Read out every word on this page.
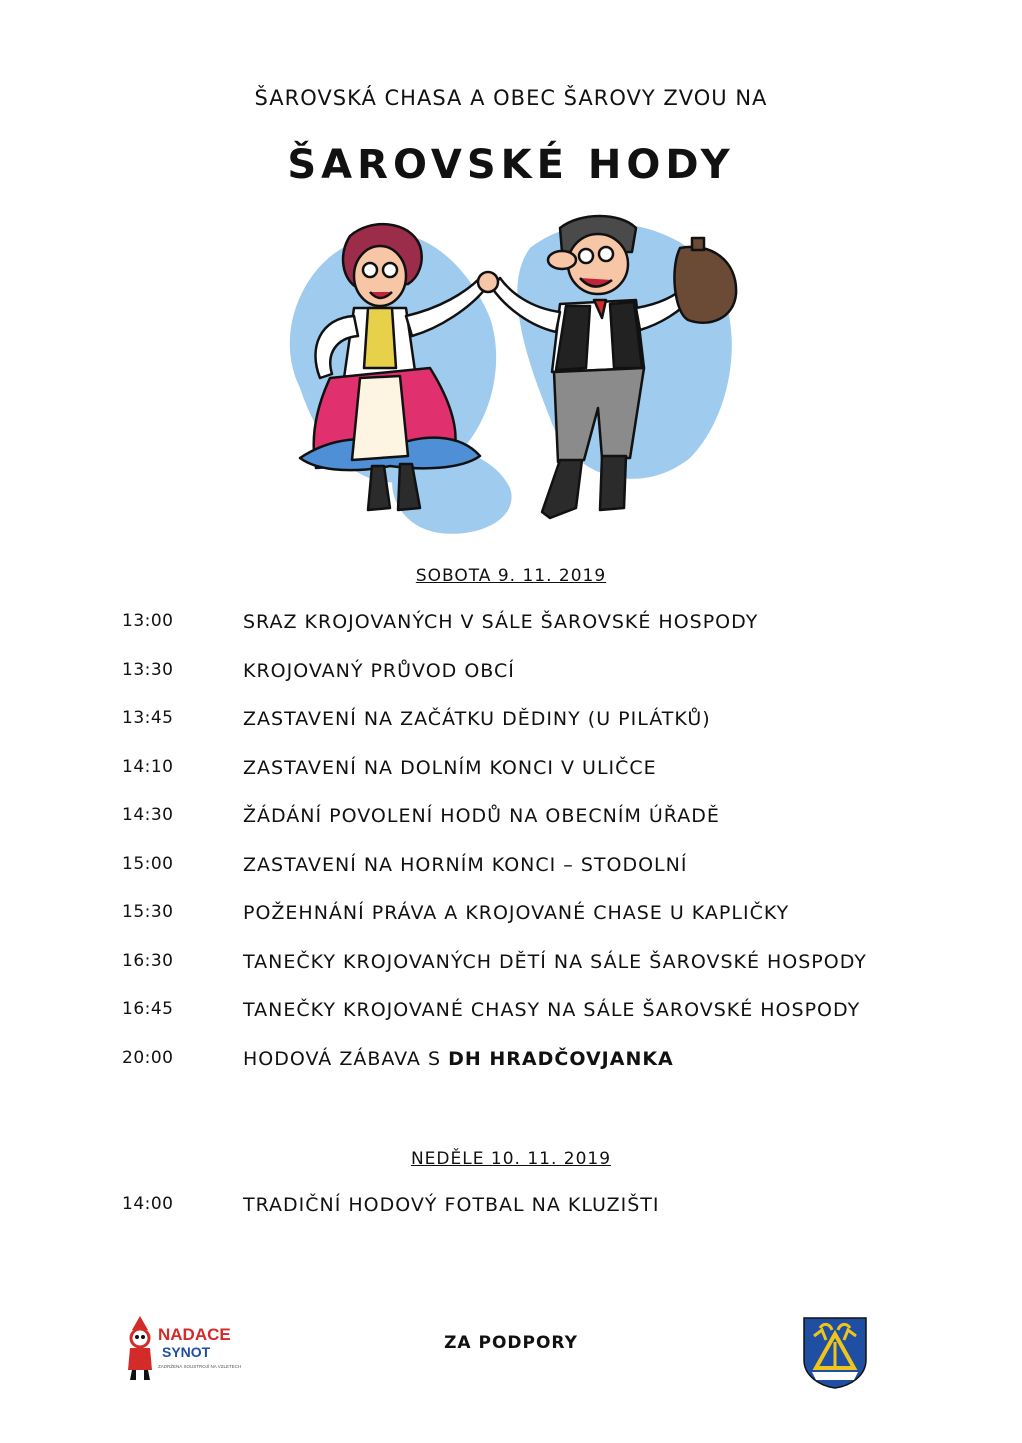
ŠAROVSKÁ CHASA A OBEC ŠAROVY ZVOU NA
ŠAROVSKÉ HODY
SOBOTA 9. 11. 2019
13:00	SRAZ KROJOVANÝCH V SÁLE ŠAROVSKÉ HOSPODY
13:30	KROJOVANÝ PRŮVOD OBCÍ
13:45	ZASTAVENÍ NA ZAČÁTKU DĚDINY (U PILÁTKŮ)
14:10	ZASTAVENÍ NA DOLNÍM KONCI V ULIČCE
14:30	ŽÁDÁNÍ POVOLENÍ HODŮ NA OBECNÍM ÚŘADĚ
15:00	ZASTAVENÍ NA HORNÍM KONCI – STODOLNÍ
15:30	POŽEHNÁNÍ PRÁVA A KROJOVANÉ CHASE U KAPLIČKY
16:30	TANEČKY KROJOVANÝCH DĚTÍ NA SÁLE ŠAROVSKÉ HOSPODY
16:45	TANEČKY KROJOVANÉ CHASY NA SÁLE ŠAROVSKÉ HOSPODY
20:00	HODOVÁ ZÁBAVA S DH HRADČOVJANKA
NEDĚLE 10. 11. 2019
14:00	TRADIČNÍ HODOVÝ FOTBAL NA KLUZIŠTI
NADACE
SYNOT
ZADRŽENÁ SOUSTROJÍ NA VZLETECH
ZA PODPORY
